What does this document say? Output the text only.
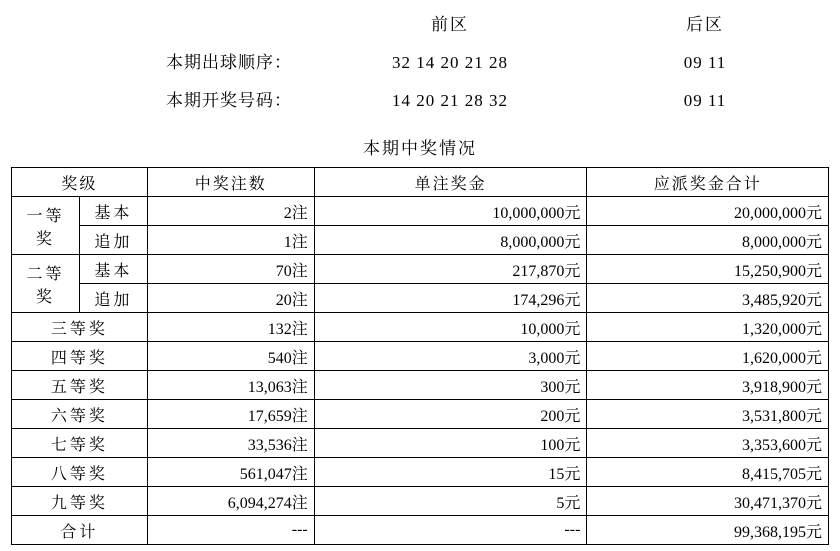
前区	后区
本期出球顺序：	32 14 20 21 28	09 11
本期开奖号码：	14 20 21 28 32	09 11
本期中奖情况
奖级		中奖注数	单注奖金	应派奖金合计
一等奖	基本	2注	10,000,000元	20,000,000元
	追加	1注	8,000,000元	8,000,000元
二等奖	基本	70注	217,870元	15,250,900元
	追加	20注	174,296元	3,485,920元
三等奖		132注	10,000元	1,320,000元
四等奖		540注	3,000元	1,620,000元
五等奖		13,063注	300元	3,918,900元
六等奖		17,659注	200元	3,531,800元
七等奖		33,536注	100元	3,353,600元
八等奖		561,047注	15元	8,415,705元
九等奖		6,094,274注	5元	30,471,370元
合计		---	---	99,368,195元
